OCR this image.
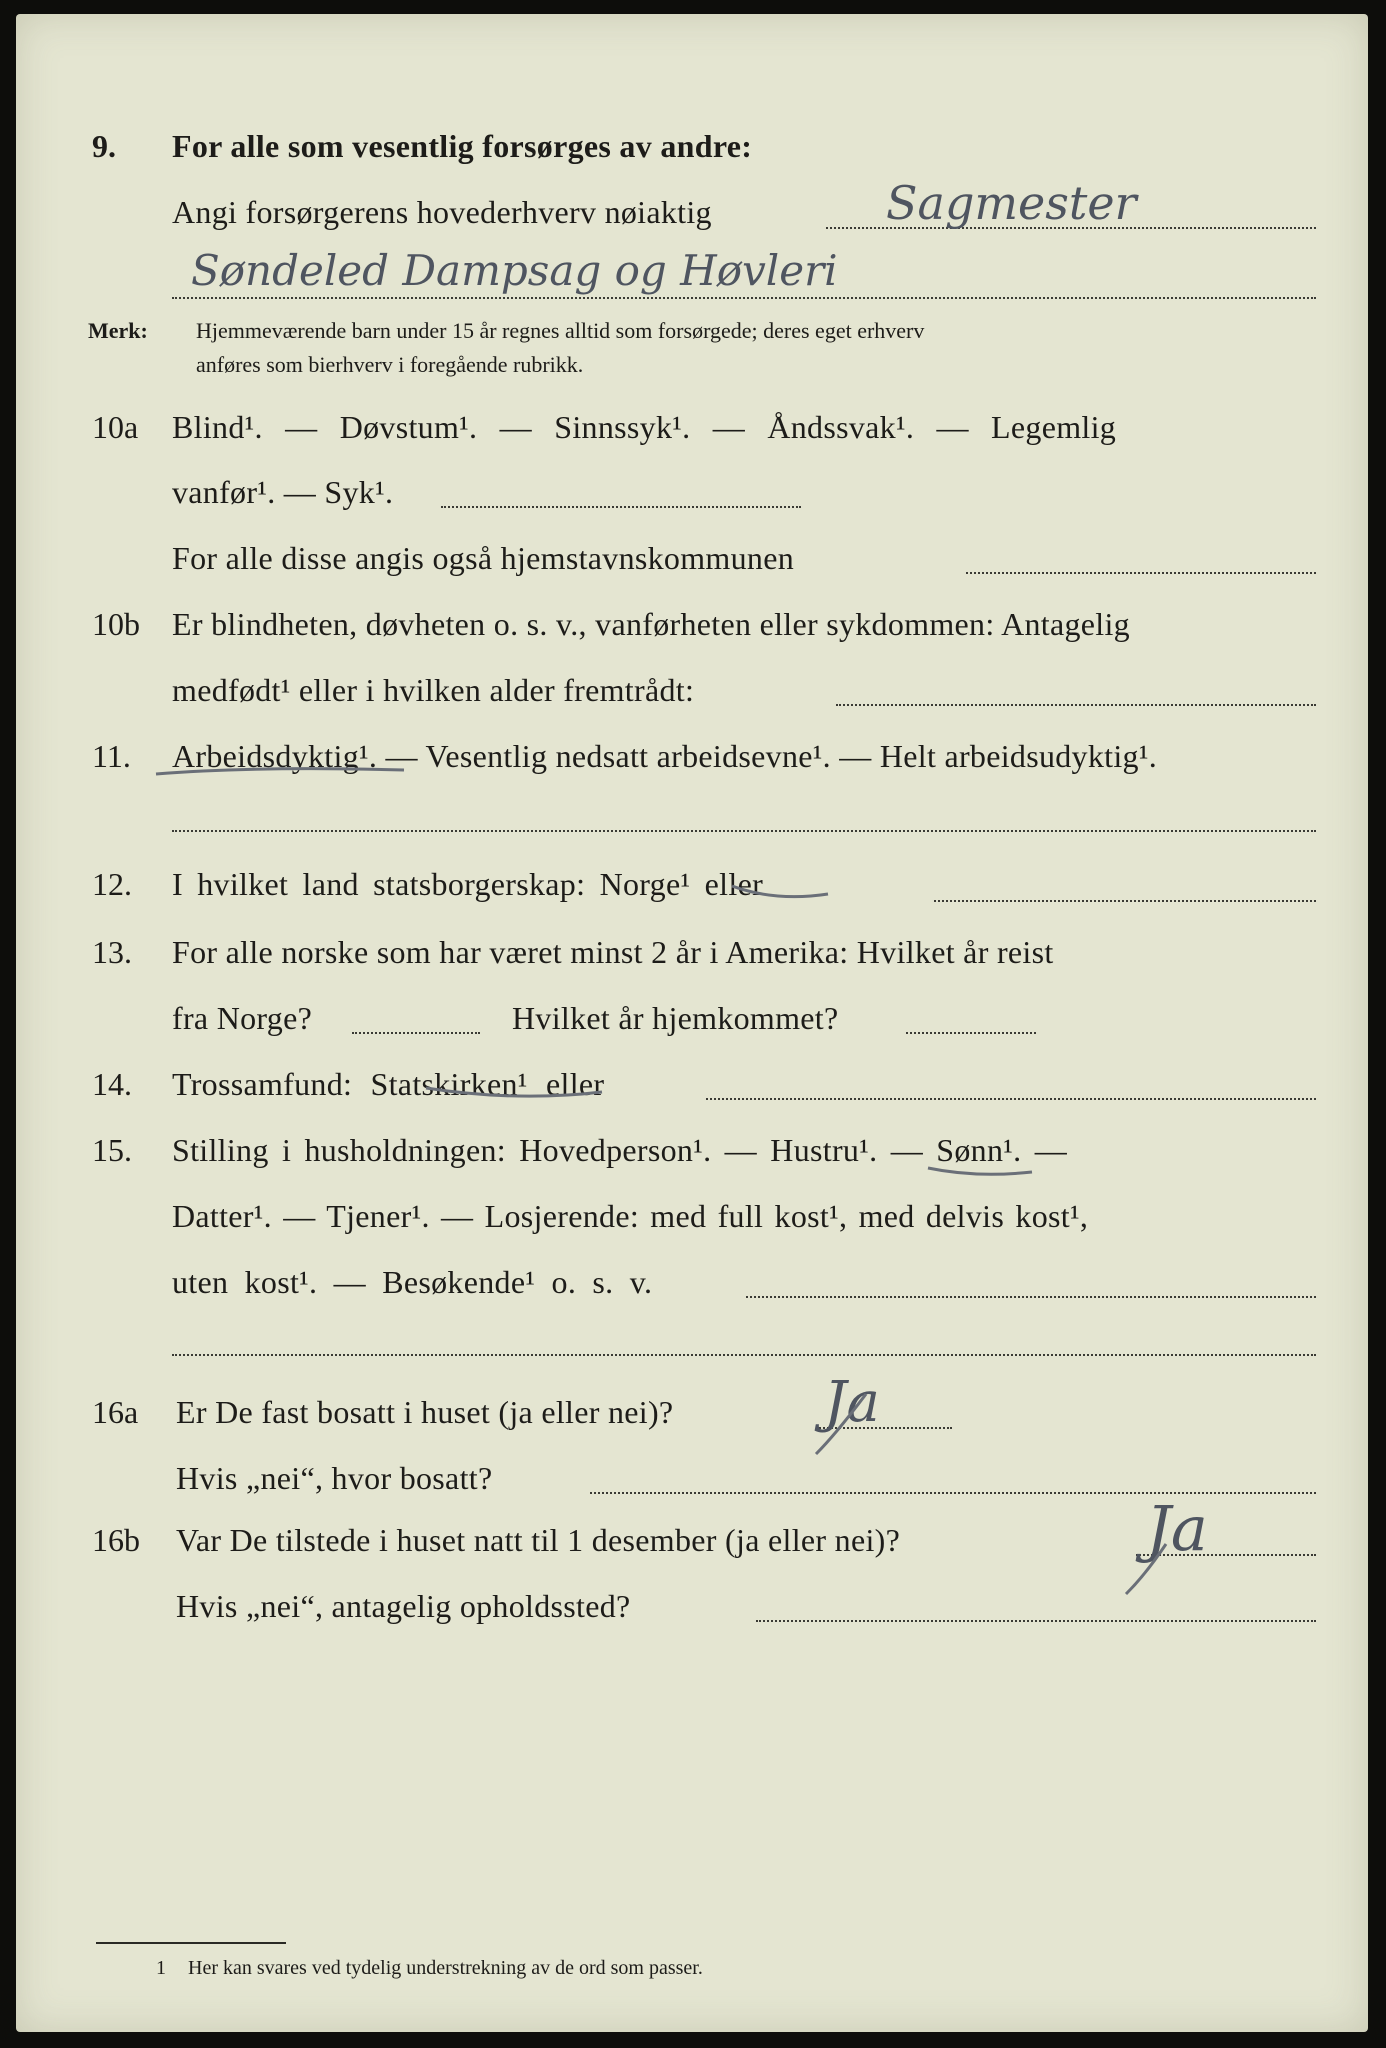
9. For alle som vesentlig forsørges av andre:
Angi forsørgerens hovederhverv nøiaktig	Sagmester
Søndeled Dampsag og Høvleri
Merk: Hjemmeværende barn under 15 år regnes alltid som forsørgede; deres eget erhverv
anføres som bierhverv i foregående rubrikk.
10a Blind¹. — Døvstum¹. — Sinnssyk¹. — Åndssvak¹. — Legemlig
vanfør¹. — Syk¹.
For alle disse angis også hjemstavnskommunen
10b Er blindheten, døvheten o. s. v., vanførheten eller sykdommen: Antagelig
medfødt¹ eller i hvilken alder fremtrådt:
11. Arbeidsdyktig¹. — Vesentlig nedsatt arbeidsevne¹. — Helt arbeidsudyktig¹.
12. I hvilket land statsborgerskap: Norge¹ eller
13. For alle norske som har været minst 2 år i Amerika: Hvilket år reist
fra Norge?	Hvilket år hjemkommet?
14. Trossamfund: Statskirken¹ eller
15. Stilling i husholdningen: Hovedperson¹. — Hustru¹. — Sønn¹. —
Datter¹. — Tjener¹. — Losjerende: med full kost¹, med delvis kost¹,
uten kost¹. — Besøkende¹ o. s. v.
16a Er De fast bosatt i huset (ja eller nei)?	Ja
Hvis „nei“, hvor bosatt?
16b Var De tilstede i huset natt til 1 desember (ja eller nei)?	Ja
Hvis „nei“, antagelig opholdssted?
1 Her kan svares ved tydelig understrekning av de ord som passer.
